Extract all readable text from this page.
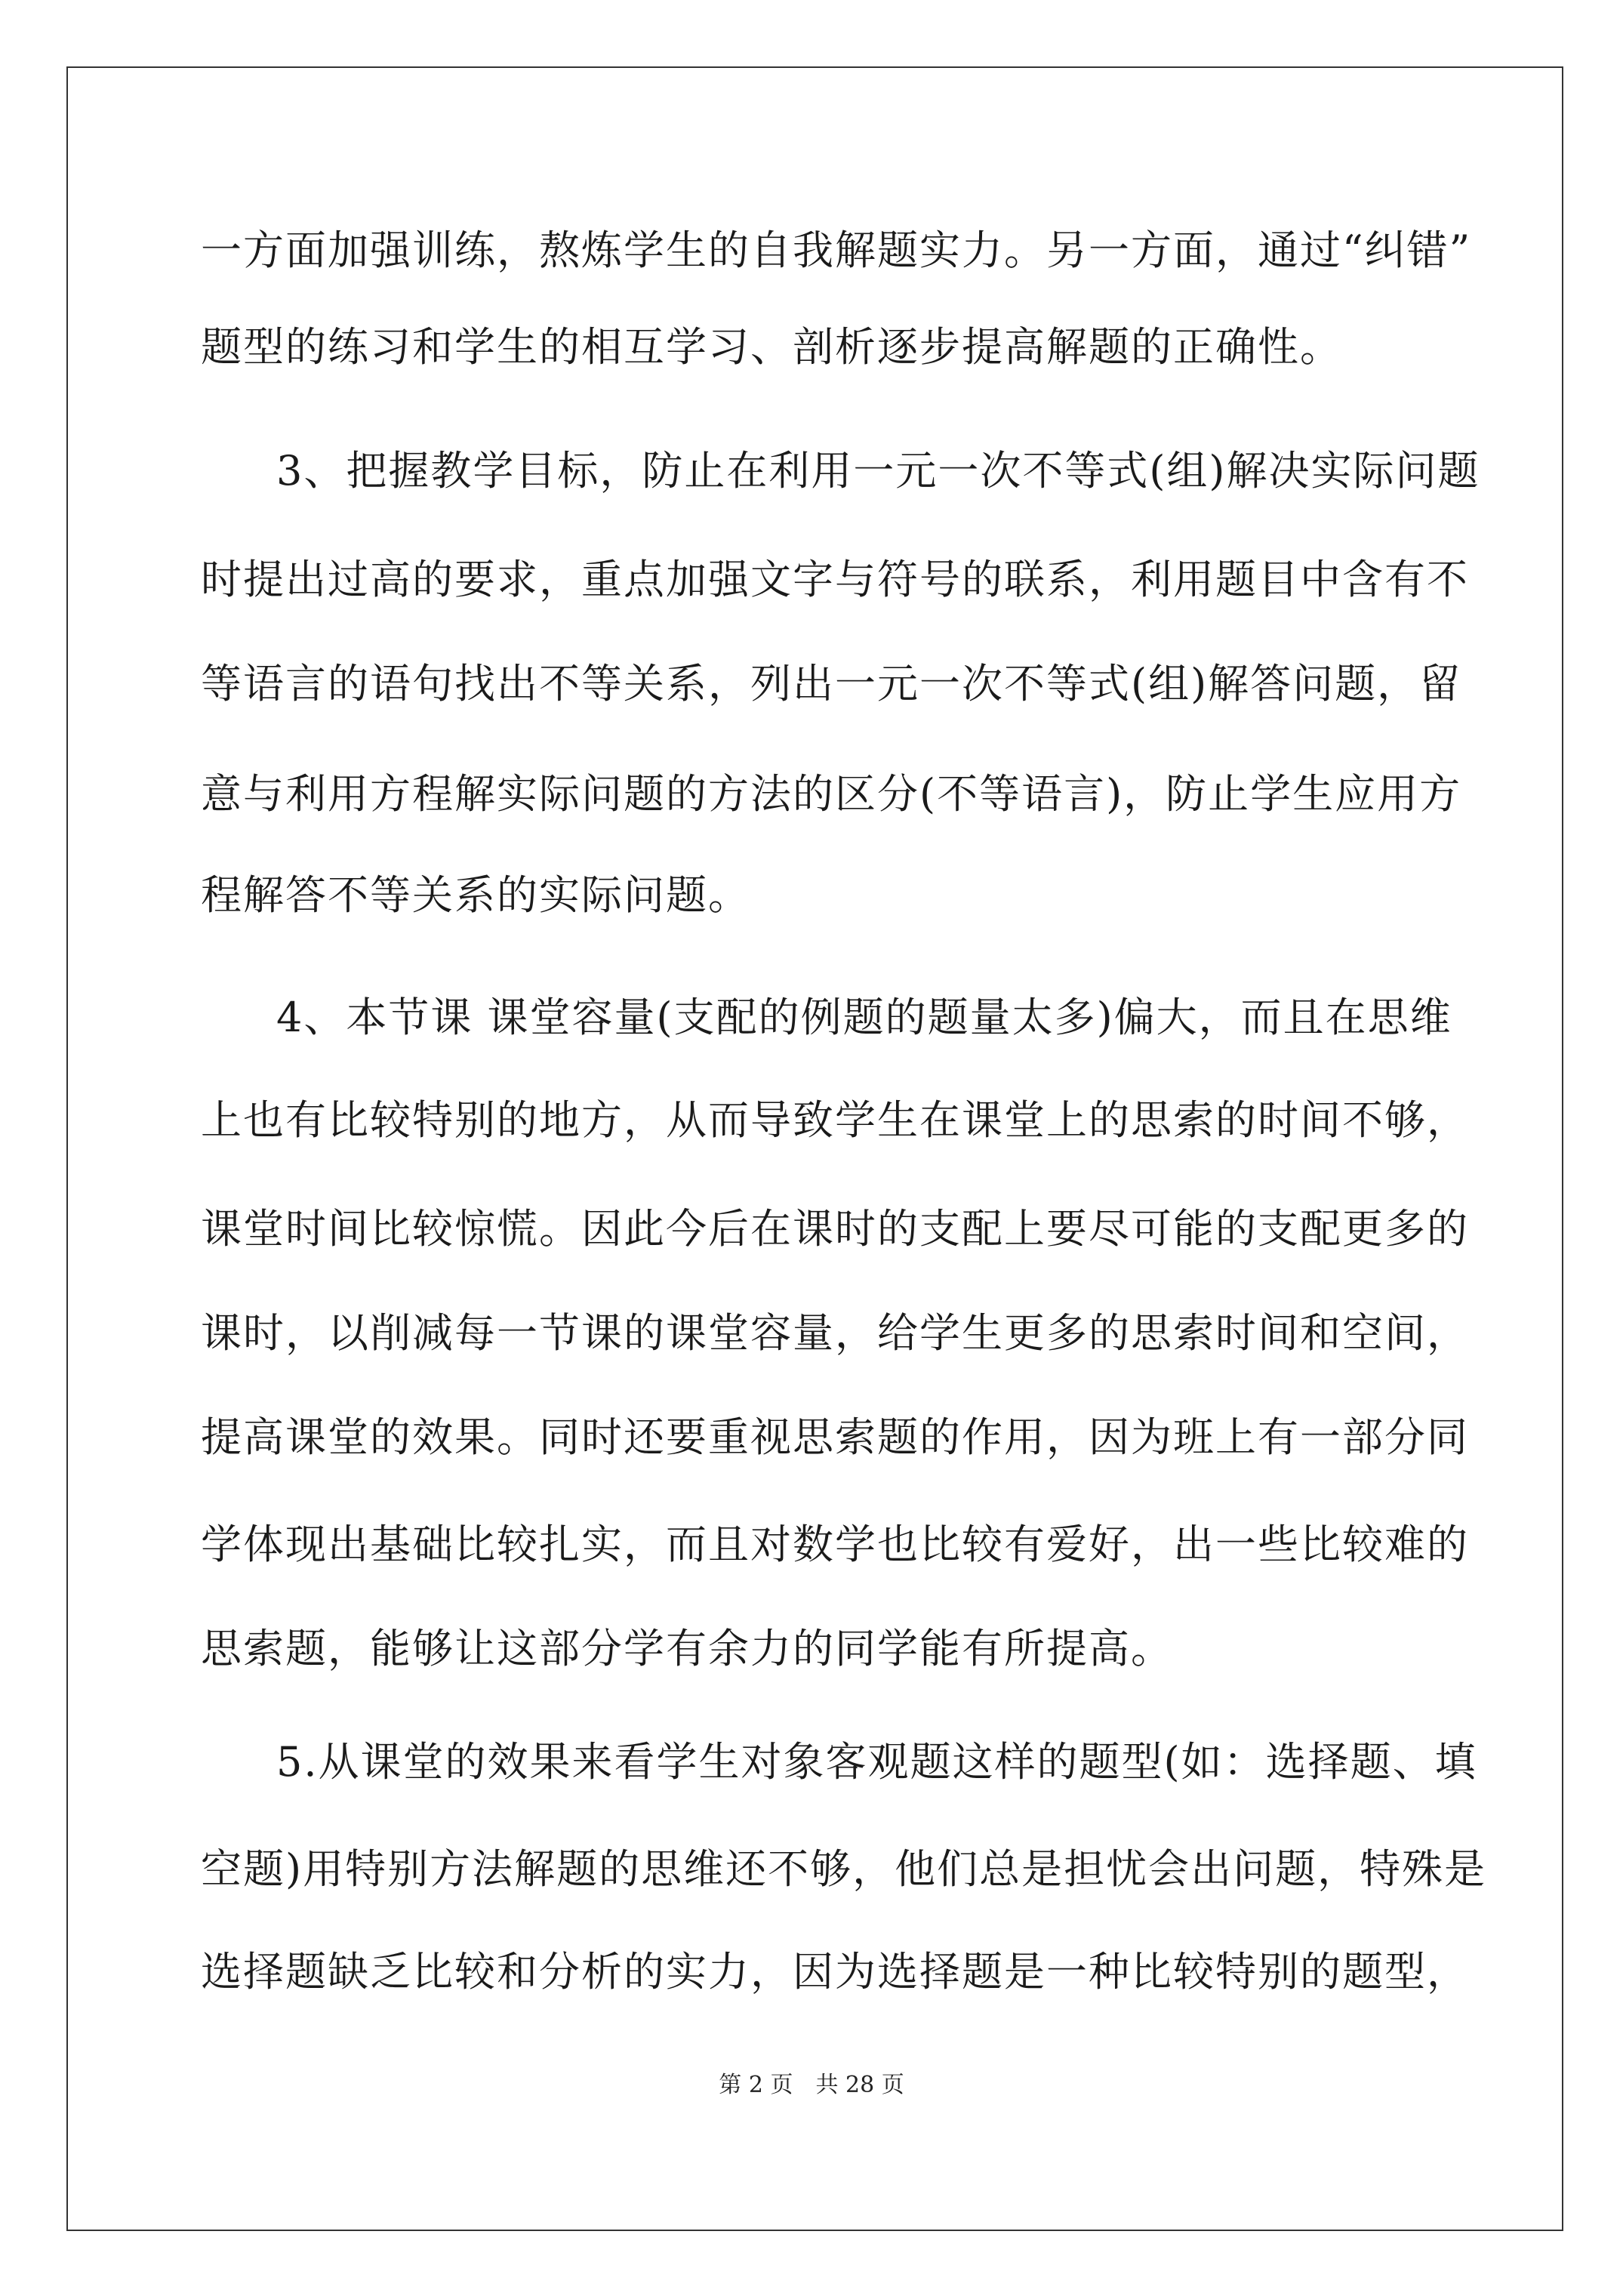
一方面加强训练，熬炼学生的自我解题实力。另一方面，通过“纠错”
题型的练习和学生的相互学习、剖析逐步提高解题的正确性。
3、把握教学目标，防止在利用一元一次不等式(组)解决实际问题
时提出过高的要求，重点加强文字与符号的联系，利用题目中含有不
等语言的语句找出不等关系，列出一元一次不等式(组)解答问题，留
意与利用方程解实际问题的方法的区分(不等语言)，防止学生应用方
程解答不等关系的实际问题。
4、本节课 课堂容量(支配的例题的题量太多)偏大，而且在思维
上也有比较特别的地方，从而导致学生在课堂上的思索的时间不够，
课堂时间比较惊慌。因此今后在课时的支配上要尽可能的支配更多的
课时，以削减每一节课的课堂容量，给学生更多的思索时间和空间，
提高课堂的效果。同时还要重视思索题的作用，因为班上有一部分同
学体现出基础比较扎实，而且对数学也比较有爱好，出一些比较难的
思索题，能够让这部分学有余力的同学能有所提高。
5.从课堂的效果来看学生对象客观题这样的题型(如：选择题、填
空题)用特别方法解题的思维还不够，他们总是担忧会出问题，特殊是
选择题缺乏比较和分析的实力，因为选择题是一种比较特别的题型，
第 2 页　共 28 页
